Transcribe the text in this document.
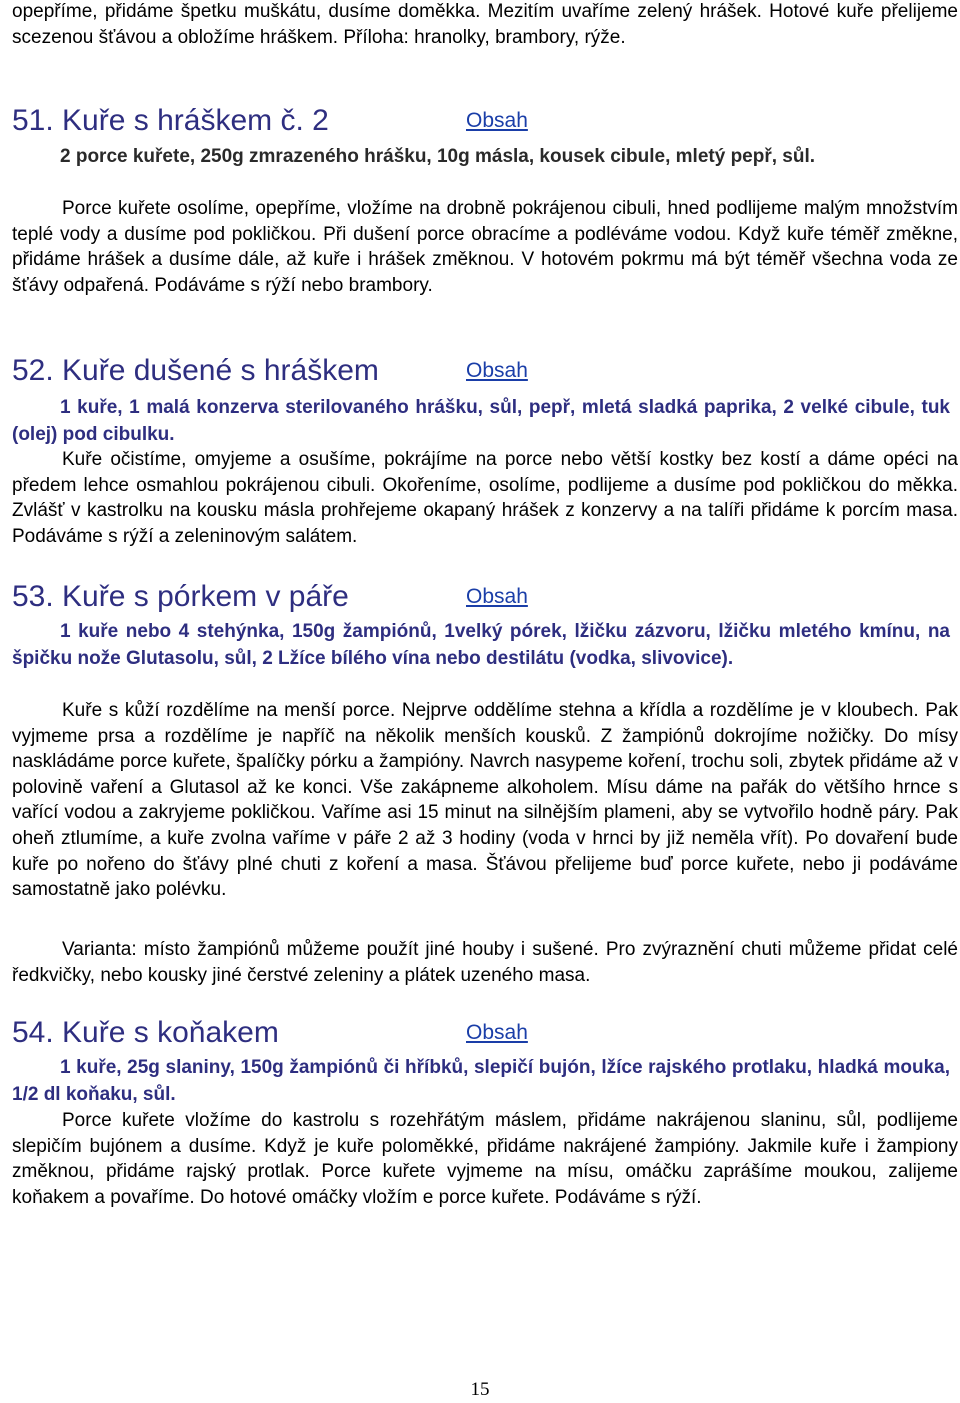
opepříme, přidáme špetku muškátu, dusíme doměkka. Mezitím uvaříme zelený hrášek. Hotové kuře přelijeme scezenou šťávou a obložíme hráškem. Příloha: hranolky, brambory, rýže.

51. Kuře s hráškem č. 2	Obsah

2 porce kuřete, 250g zmrazeného hrášku, 10g másla, kousek cibule, mletý pepř, sůl.

Porce kuřete osolíme, opepříme, vložíme na drobně pokrájenou cibuli, hned podlijeme malým množstvím teplé vody a dusíme pod pokličkou. Při dušení porce obracíme a podléváme vodou. Když kuře téměř změkne, přidáme hrášek a dusíme dále, až kuře i hrášek změknou. V hotovém pokrmu má být téměř všechna voda ze šťávy odpařená. Podáváme s rýží nebo brambory.

52. Kuře dušené s hráškem	Obsah

1 kuře, 1 malá konzerva sterilovaného hrášku, sůl, pepř, mletá sladká paprika, 2 velké cibule, tuk (olej) pod cibulku.

Kuře očistíme, omyjeme a osušíme, pokrájíme na porce nebo větší kostky bez kostí a dáme opéci na předem lehce osmahlou pokrájenou cibuli. Okořeníme, osolíme, podlijeme a dusíme pod pokličkou do měkka. Zvlášť v kastrolku na kousku másla prohřejeme okapaný hrášek z konzervy a na talíři přidáme k porcím masa. Podáváme s rýží a zeleninovým salátem.

53. Kuře s pórkem v páře	Obsah

1 kuře nebo 4 stehýnka, 150g žampiónů, 1velký pórek, lžičku zázvoru, lžičku mletého kmínu, na špičku nože Glutasolu, sůl, 2 Lžíce bílého vína nebo destilátu (vodka, slivovice).

Kuře s kůží rozdělíme na menší porce. Nejprve oddělíme stehna a křídla a rozdělíme je v kloubech. Pak vyjmeme prsa a rozdělíme je napříč na několik menších kousků. Z žampiónů dokrojíme nožičky. Do mísy naskládáme porce kuřete, špalíčky pórku a žampióny. Navrch nasypeme koření, trochu soli, zbytek přidáme až v polovině vaření a Glutasol až ke konci. Vše zakápneme alkoholem. Mísu dáme na pařák do většího hrnce s vařící vodou a zakryjeme pokličkou. Vaříme asi 15 minut na silnějším plameni, aby se vytvořilo hodně páry. Pak oheň ztlumíme, a kuře zvolna vaříme v páře 2 až 3 hodiny (voda v hrnci by již neměla vřít). Po dovaření bude kuře po nořeno do šťávy plné chuti z koření a masa. Šťávou přelijeme buď porce kuřete, nebo ji podáváme samostatně jako polévku.

Varianta: místo žampiónů můžeme použít jiné houby i sušené. Pro zvýraznění chuti můžeme přidat celé ředkvičky, nebo kousky jiné čerstvé zeleniny a plátek uzeného masa.

54. Kuře s koňakem	Obsah

1 kuře, 25g slaniny, 150g žampiónů či hříbků, slepičí bujón, lžíce rajského protlaku, hladká mouka, 1/2 dl koňaku, sůl.

Porce kuřete vložíme do kastrolu s rozehřátým máslem, přidáme nakrájenou slaninu, sůl, podlijeme slepičím bujónem a dusíme. Když je kuře poloměkké, přidáme nakrájené žampióny. Jakmile kuře i žampiony změknou, přidáme rajský protlak. Porce kuřete vyjmeme na mísu, omáčku zaprášíme moukou, zalijeme koňakem a povaříme. Do hotové omáčky vložím e porce kuřete. Podáváme s rýží.

15
